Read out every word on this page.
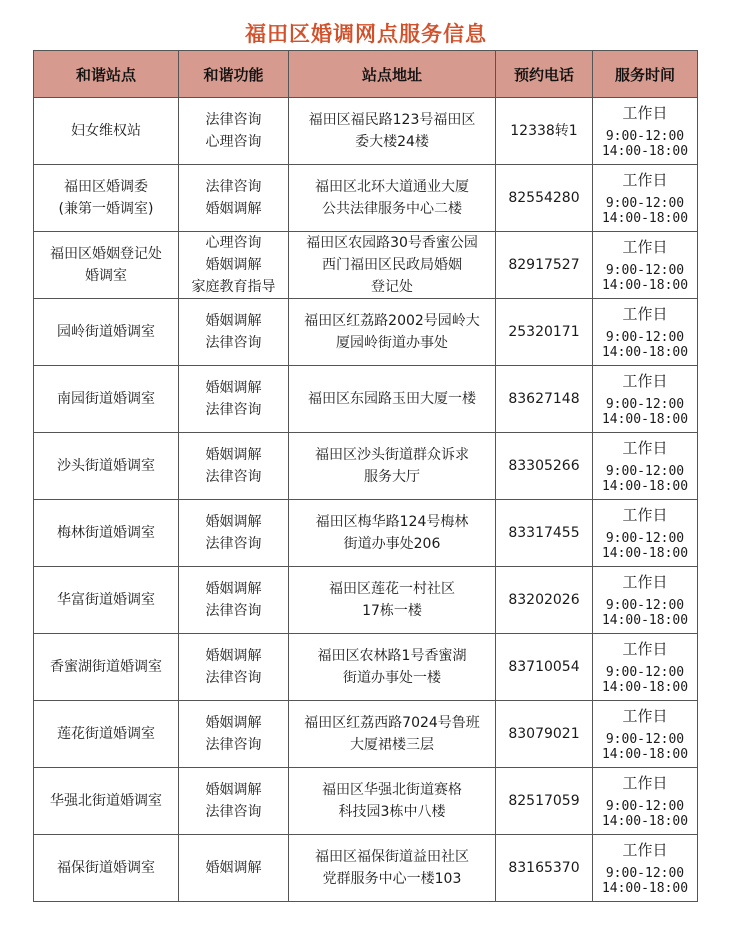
福田区婚调网点服务信息
和谐站点	和谐功能	站点地址	预约电话	服务时间

妇女维权站	法律咨询
心理咨询	福田区福民路123号福田区
委大楼24楼	12338转1	工作日
9:00-12:00
14:00-18:00

福田区婚调委
(兼第一婚调室)	法律咨询
婚姻调解	福田区北环大道通业大厦
公共法律服务中心二楼	82554280	工作日
9:00-12:00
14:00-18:00

福田区婚姻登记处
婚调室	心理咨询
婚姻调解
家庭教育指导	福田区农园路30号香蜜公园
西门福田区民政局婚姻
登记处	82917527	工作日
9:00-12:00
14:00-18:00

园岭街道婚调室	婚姻调解
法律咨询	福田区红荔路2002号园岭大
厦园岭街道办事处	25320171	工作日
9:00-12:00
14:00-18:00

南园街道婚调室	婚姻调解
法律咨询	福田区东园路玉田大厦一楼	83627148	工作日
9:00-12:00
14:00-18:00

沙头街道婚调室	婚姻调解
法律咨询	福田区沙头街道群众诉求
服务大厅	83305266	工作日
9:00-12:00
14:00-18:00

梅林街道婚调室	婚姻调解
法律咨询	福田区梅华路124号梅林
街道办事处206	83317455	工作日
9:00-12:00
14:00-18:00

华富街道婚调室	婚姻调解
法律咨询	福田区莲花一村社区
17栋一楼	83202026	工作日
9:00-12:00
14:00-18:00

香蜜湖街道婚调室	婚姻调解
法律咨询	福田区农林路1号香蜜湖
街道办事处一楼	83710054	工作日
9:00-12:00
14:00-18:00

莲花街道婚调室	婚姻调解
法律咨询	福田区红荔西路7024号鲁班
大厦裙楼三层	83079021	工作日
9:00-12:00
14:00-18:00

华强北街道婚调室	婚姻调解
法律咨询	福田区华强北街道赛格
科技园3栋中八楼	82517059	工作日
9:00-12:00
14:00-18:00

福保街道婚调室	婚姻调解	福田区福保街道益田社区
党群服务中心一楼103	83165370	工作日
9:00-12:00
14:00-18:00
